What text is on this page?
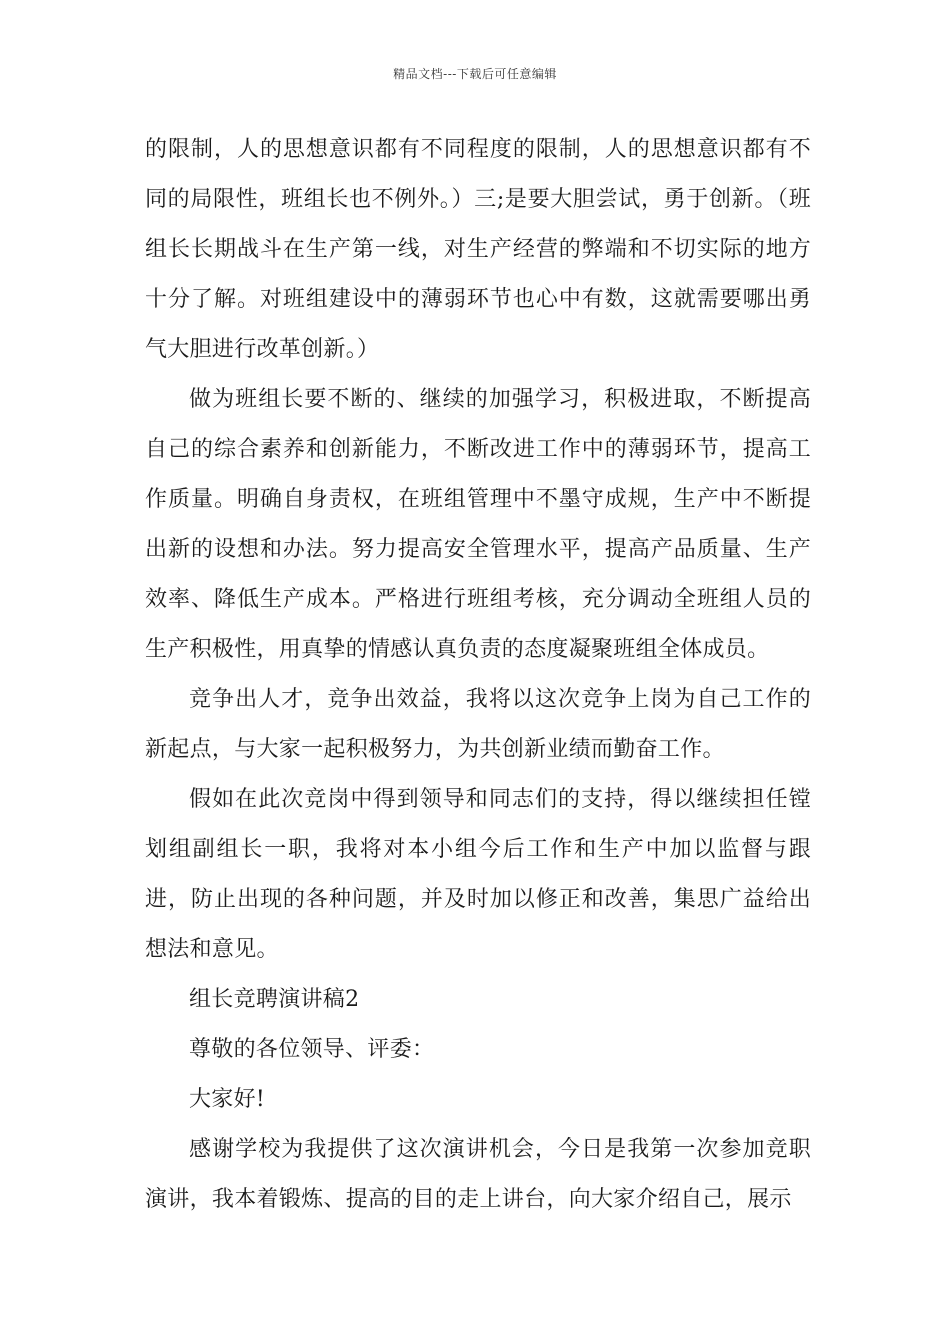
精品文档---下载后可任意编辑

的限制，人的思想意识都有不同程度的限制，人的思想意识都有不同的局限性，班组长也不例外。）三;是要大胆尝试，勇于创新。（班组长长期战斗在生产第一线，对生产经营的弊端和不切实际的地方十分了解。对班组建设中的薄弱环节也心中有数，这就需要哪出勇气大胆进行改革创新。）

做为班组长要不断的、继续的加强学习，积极进取，不断提高自己的综合素养和创新能力，不断改进工作中的薄弱环节，提高工作质量。明确自身责权，在班组管理中不墨守成规，生产中不断提出新的设想和办法。努力提高安全管理水平，提高产品质量、生产效率、降低生产成本。严格进行班组考核，充分调动全班组人员的生产积极性，用真挚的情感认真负责的态度凝聚班组全体成员。

竞争出人才，竞争出效益，我将以这次竞争上岗为自己工作的新起点，与大家一起积极努力，为共创新业绩而勤奋工作。

假如在此次竞岗中得到领导和同志们的支持，得以继续担任镗划组副组长一职，我将对本小组今后工作和生产中加以监督与跟进，防止出现的各种问题，并及时加以修正和改善，集思广益给出想法和意见。

组长竞聘演讲稿2

尊敬的各位领导、评委：

大家好!

感谢学校为我提供了这次演讲机会，今日是我第一次参加竞职演讲，我本着锻炼、提高的目的走上讲台，向大家介绍自己，展示
